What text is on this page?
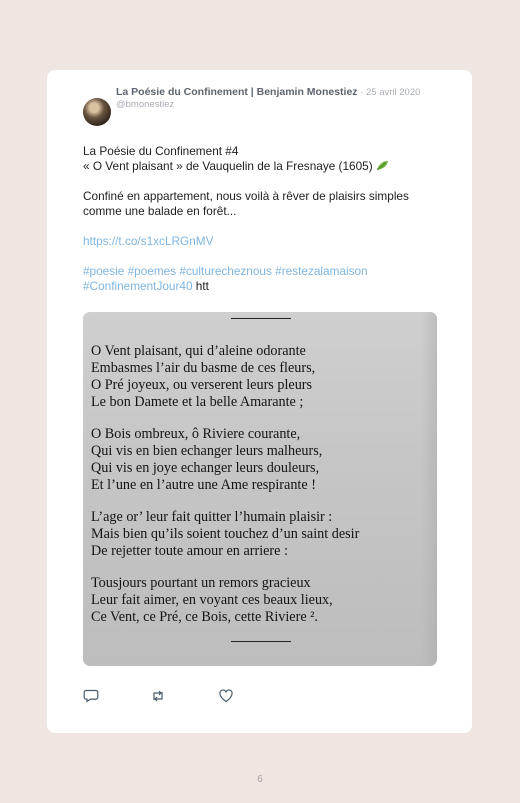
La Poésie du Confinement | Benjamin Monestiez · 25 avril 2020
@bmonestiez

La Poésie du Confinement #4

« O Vent plaisant » de Vauquelin de la Fresnaye (1605)

Confiné en appartement, nous voilà à rêver de plaisirs simples comme une balade en forêt...

https://t.co/s1xcLRGnMV

#poesie #poemes #culturecheznous #restezalamaison #ConfinementJour40 htt

O Vent plaisant, qui d’aleine odorante
Embasmes l’air du basme de ces fleurs,
O Pré joyeux, ou verserent leurs pleurs
Le bon Damete et la belle Amarante ;
O Bois ombreux, ô Riviere courante,
Qui vis en bien echanger leurs malheurs,
Qui vis en joye echanger leurs douleurs,
Et l’une en l’autre une Ame respirante !
L’age or’ leur fait quitter l’humain plaisir :
Mais bien qu’ils soient touchez d’un saint desir
De rejetter toute amour en arriere :
Tousjours pourtant un remors gracieux
Leur fait aimer, en voyant ces beaux lieux,
Ce Vent, ce Pré, ce Bois, cette Riviere ².
6
